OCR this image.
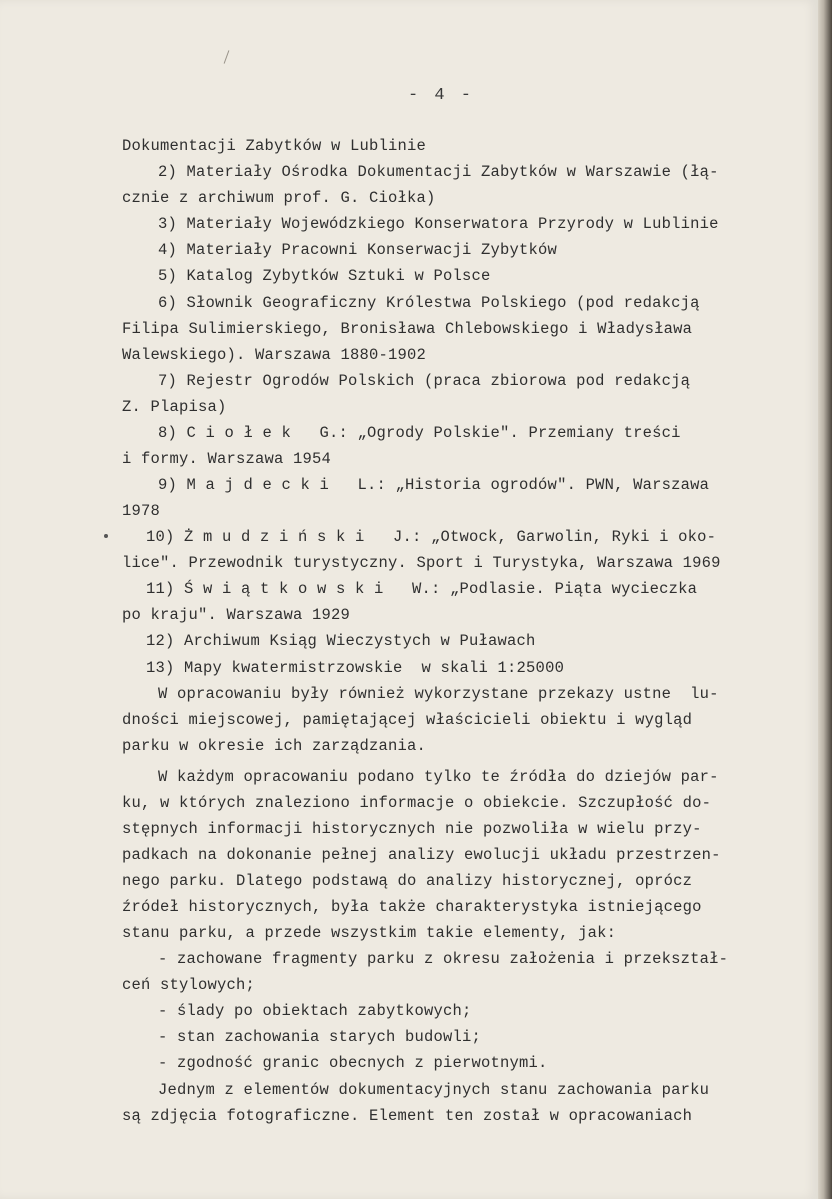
- 4 -
Dokumentacji Zabytków w Lublinie
2) Materiały Ośrodka Dokumentacji Zabytków w Warszawie (łą-
cznie z archiwum prof. G. Ciołka)
3) Materiały Wojewódzkiego Konserwatora Przyrody w Lublinie
4) Materiały Pracowni Konserwacji Zybytków
5) Katalog Zybytków Sztuki w Polsce
6) Słownik Geograficzny Królestwa Polskiego (pod redakcją
Filipa Sulimierskiego, Bronisława Chlebowskiego i Władysława
Walewskiego). Warszawa 1880-1902
7) Rejestr Ogrodów Polskich (praca zbiorowa pod redakcją
Z. Plapisa)
8) C i o ł e k   G.: „Ogrody Polskie". Przemiany treści
i formy. Warszawa 1954
9) M a j d e c k i   L.: „Historia ogrodów". PWN, Warszawa
1978
10) Ż m u d z i ń s k i   J.: „Otwock, Garwolin, Ryki i oko-
lice". Przewodnik turystyczny. Sport i Turystyka, Warszawa 1969
11) Ś w i ą t k o w s k i   W.: „Podlasie. Piąta wycieczka
po kraju". Warszawa 1929
12) Archiwum Ksiąg Wieczystych w Puławach
13) Mapy kwatermistrzowskie  w skali 1:25000
W opracowaniu były również wykorzystane przekazy ustne  lu-
dności miejscowej, pamiętającej właścicieli obiektu i wygląd
parku w okresie ich zarządzania.
W każdym opracowaniu podano tylko te źródła do dziejów par-
ku, w których znaleziono informacje o obiekcie. Szczupłość do-
stępnych informacji historycznych nie pozwoliła w wielu przy-
padkach na dokonanie pełnej analizy ewolucji układu przestrzen-
nego parku. Dlatego podstawą do analizy historycznej, oprócz
źródeł historycznych, była także charakterystyka istniejącego
stanu parku, a przede wszystkim takie elementy, jak:
- zachowane fragmenty parku z okresu założenia i przekształ-
ceń stylowych;
- ślady po obiektach zabytkowych;
- stan zachowania starych budowli;
- zgodność granic obecnych z pierwotnymi.
Jednym z elementów dokumentacyjnych stanu zachowania parku
są zdjęcia fotograficzne. Element ten został w opracowaniach
